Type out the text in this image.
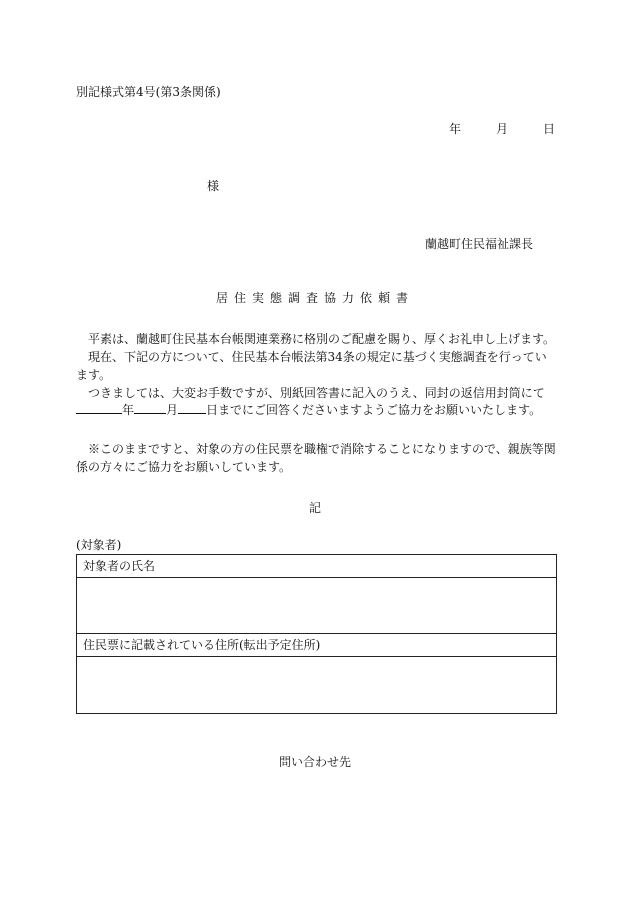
別記様式第4号(第3条関係)
年	月	日
様
蘭越町住民福祉課長
居住実態調査協力依頼書
　平素は、蘭越町住民基本台帳関連業務に格別のご配慮を賜り、厚くお礼申し上げます。
　現在、下記の方について、住民基本台帳法第34条の規定に基づく実態調査を行っています。
　つきましては、大変お手数ですが、別紙回答書に記入のうえ、同封の返信用封筒にて
年	月 日までにご回答くださいますようご協力をお願いいたします。
　※このままですと、対象の方の住民票を職権で消除することになりますので、親族等関係の方々にご協力をお願いしています。
記
(対象者)
対象者の氏名
住民票に記載されている住所(転出予定住所)
問い合わせ先
